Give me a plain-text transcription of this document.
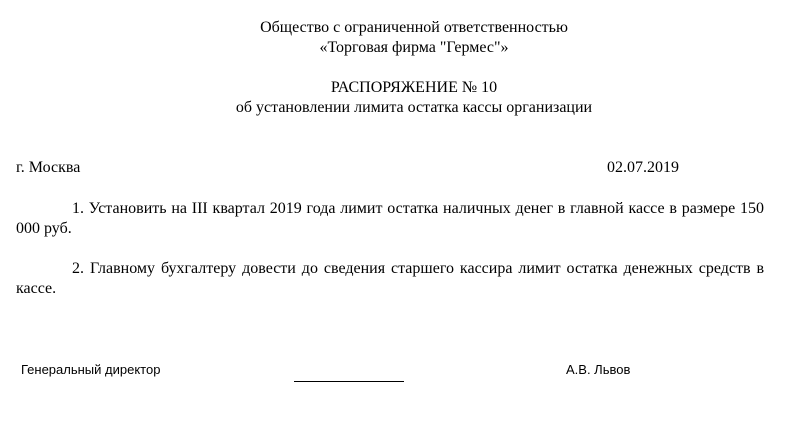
Общество с ограниченной ответственностью
«Торговая фирма "Гермес"»
РАСПОРЯЖЕНИЕ № 10
об установлении лимита остатка кассы организации
г. Москва	02.07.2019
1. Установить на III квартал 2019 года лимит остатка наличных денег в главной кассе в размере 150 000 руб.
2. Главному бухгалтеру довести до сведения старшего кассира лимит остатка денежных средств в кассе.
Генеральный директор	А.В. Львов
